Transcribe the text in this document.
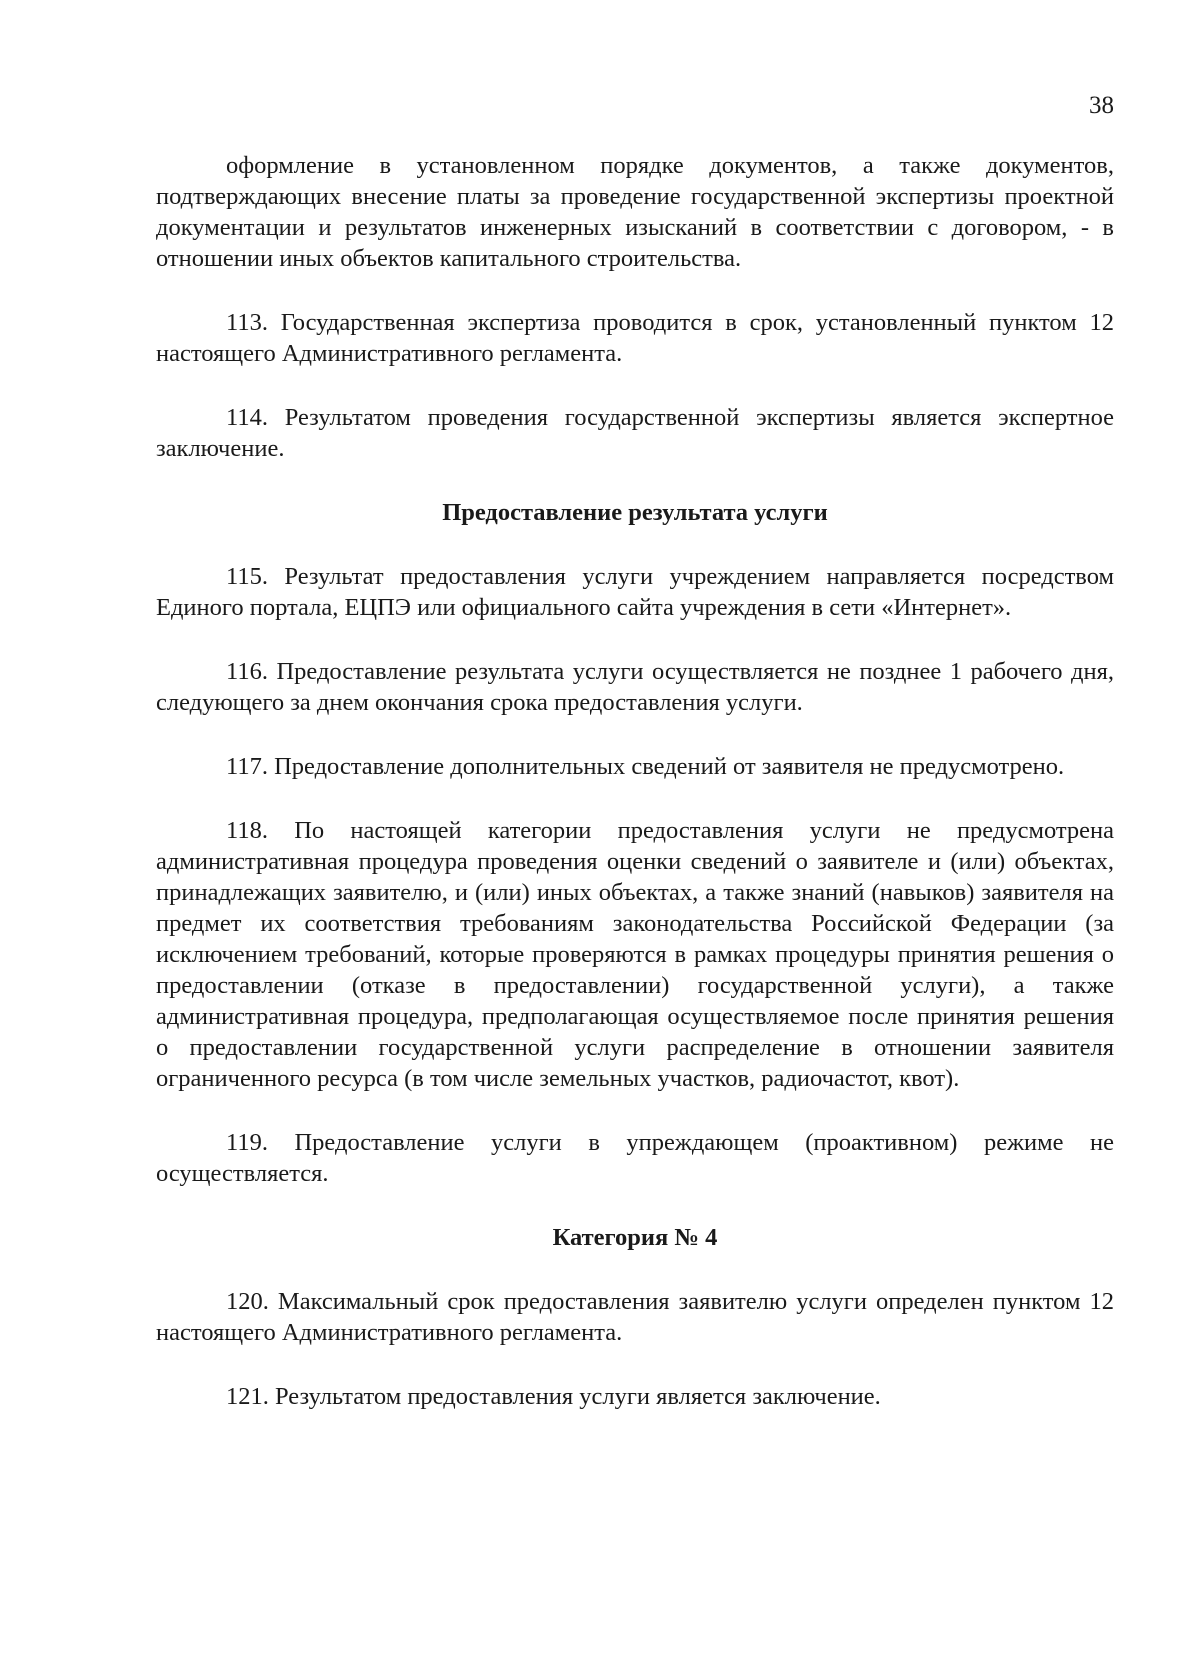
38

оформление в установленном порядке документов, а также документов, подтверждающих внесение платы за проведение государственной экспертизы проектной документации и результатов инженерных изысканий в соответствии с договором, - в отношении иных объектов капитального строительства.

113. Государственная экспертиза проводится в срок, установленный пунктом 12 настоящего Административного регламента.

114. Результатом проведения государственной экспертизы является экспертное заключение.

Предоставление результата услуги

115. Результат предоставления услуги учреждением направляется посредством Единого портала, ЕЦПЭ или официального сайта учреждения в сети «Интернет».

116. Предоставление результата услуги осуществляется не позднее 1 рабочего дня, следующего за днем окончания срока предоставления услуги.

117. Предоставление дополнительных сведений от заявителя не предусмотрено.

118. По настоящей категории предоставления услуги не предусмотрена административная процедура проведения оценки сведений о заявителе и (или) объектах, принадлежащих заявителю, и (или) иных объектах, а также знаний (навыков) заявителя на предмет их соответствия требованиям законодательства Российской Федерации (за исключением требований, которые проверяются в рамках процедуры принятия решения о предоставлении (отказе в предоставлении) государственной услуги), а также административная процедура, предполагающая осуществляемое после принятия решения о предоставлении государственной услуги распределение в отношении заявителя ограниченного ресурса (в том числе земельных участков, радиочастот, квот).

119. Предоставление услуги в упреждающем (проактивном) режиме не осуществляется.

Категория № 4

120. Максимальный срок предоставления заявителю услуги определен пунктом 12 настоящего Административного регламента.

121. Результатом предоставления услуги является заключение.
